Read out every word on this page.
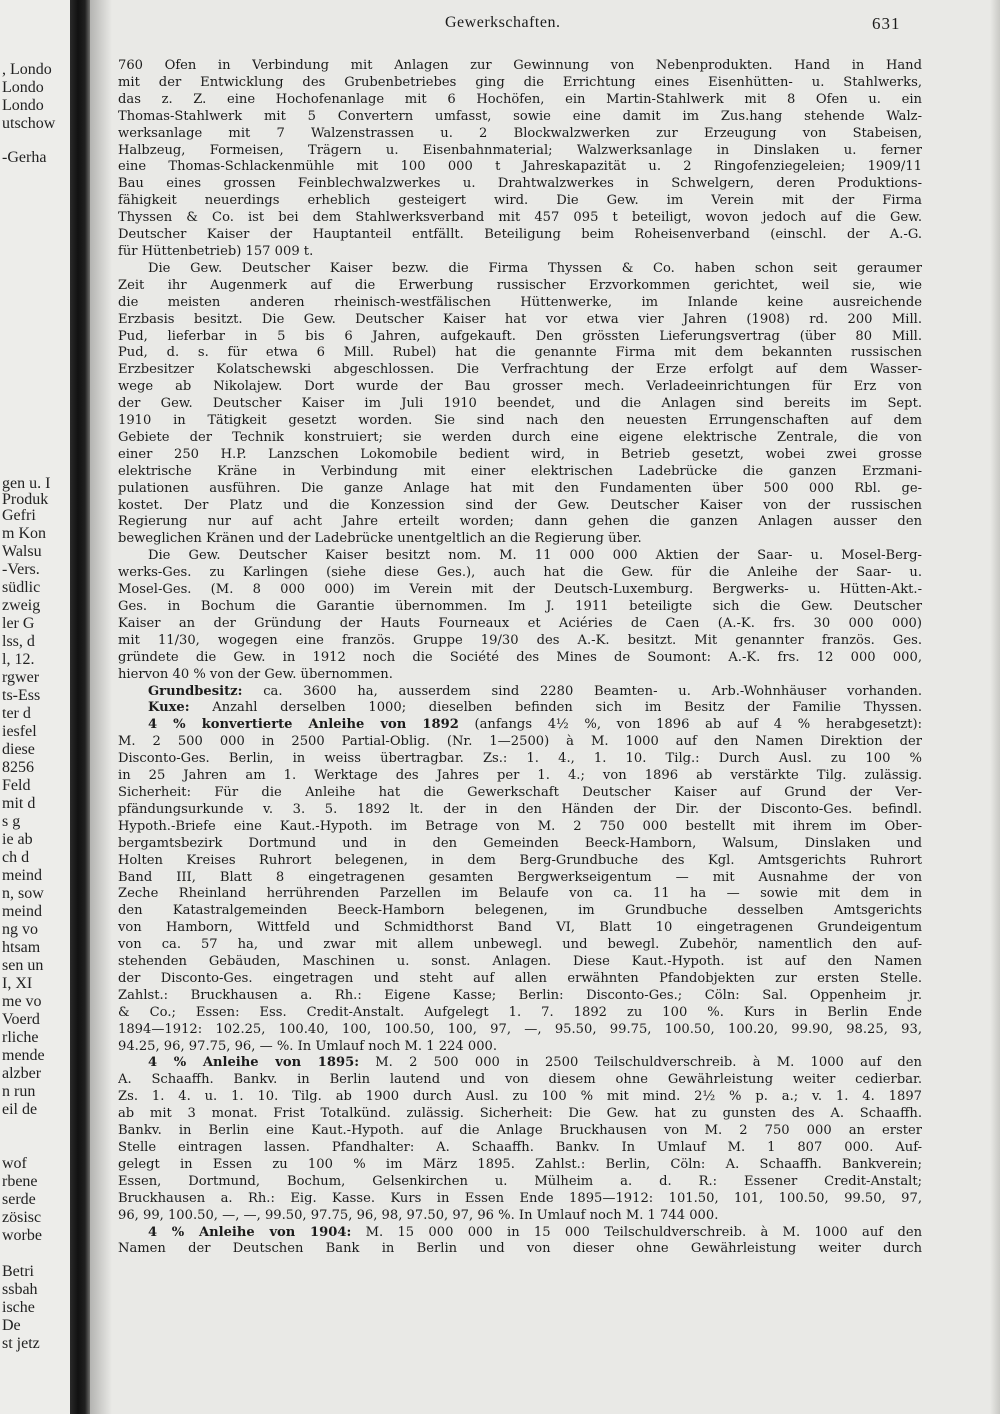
, Londo
Londo
Londo
utschow
-Gerha
gen u. I
Produk
Gefri
m Kon
Walsu
-Vers.
südlic
zweig
ler G
lss, d
l, 12.
rgwer
ts-Ess
ter d
iesfel
diese
8256
Feld
mit d
s g
ie ab
ch d
meind
n, sow
meind
ng vo
htsam
sen un
I, XI
me vo
Voerd
rliche
mende
alzber
n run
eil de
wof
rbene
serde
zösisc
worbe
Betri
ssbah
ische
De
st jetz
Gewerkschaften.	631
760 Öfen in Verbindung mit Anlagen zur Gewinnung von Nebenprodukten. Hand in Hand
mit der Entwicklung des Grubenbetriebes ging die Errichtung eines Eisenhütten- u. Stahlwerks,
das z. Z. eine Hochofenanlage mit 6 Hochöfen, ein Martin-Stahlwerk mit 8 Öfen u. ein
Thomas-Stahlwerk mit 5 Convertern umfasst, sowie eine damit im Zus.hang stehende Walz-
werksanlage mit 7 Walzenstrassen u. 2 Blockwalzwerken zur Erzeugung von Stabeisen,
Halbzeug, Formeisen, Trägern u. Eisenbahnmaterial; Walzwerksanlage in Dinslaken u. ferner
eine Thomas-Schlackenmühle mit 100 000 t Jahreskapazität u. 2 Ringofenziegeleien; 1909/11
Bau eines grossen Feinblechwalzwerkes u. Drahtwalzwerkes in Schwelgern, deren Produktions-
fähigkeit neuerdings erheblich gesteigert wird. Die Gew. im Verein mit der Firma
Thyssen & Co. ist bei dem Stahlwerksverband mit 457 095 t beteiligt, wovon jedoch auf die Gew.
Deutscher Kaiser der Hauptanteil entfällt. Beteiligung beim Roheisenverband (einschl. der A.-G.
für Hüttenbetrieb) 157 009 t.
Die Gew. Deutscher Kaiser bezw. die Firma Thyssen & Co. haben schon seit geraumer
Zeit ihr Augenmerk auf die Erwerbung russischer Erzvorkommen gerichtet, weil sie, wie
die meisten anderen rheinisch-westfälischen Hüttenwerke, im Inlande keine ausreichende
Erzbasis besitzt. Die Gew. Deutscher Kaiser hat vor etwa vier Jahren (1908) rd. 200 Mill.
Pud, lieferbar in 5 bis 6 Jahren, aufgekauft. Den grössten Lieferungsvertrag (über 80 Mill.
Pud, d. s. für etwa 6 Mill. Rubel) hat die genannte Firma mit dem bekannten russischen
Erzbesitzer Kolatschewski abgeschlossen. Die Verfrachtung der Erze erfolgt auf dem Wasser-
wege ab Nikolajew. Dort wurde der Bau grosser mech. Verladeeinrichtungen für Erz von
der Gew. Deutscher Kaiser im Juli 1910 beendet, und die Anlagen sind bereits im Sept.
1910 in Tätigkeit gesetzt worden. Sie sind nach den neuesten Errungenschaften auf dem
Gebiete der Technik konstruiert; sie werden durch eine eigene elektrische Zentrale, die von
einer 250 H.P. Lanzschen Lokomobile bedient wird, in Betrieb gesetzt, wobei zwei grosse
elektrische Kräne in Verbindung mit einer elektrischen Ladebrücke die ganzen Erzmani-
pulationen ausführen. Die ganze Anlage hat mit den Fundamenten über 500 000 Rbl. ge-
kostet. Der Platz und die Konzession sind der Gew. Deutscher Kaiser von der russischen
Regierung nur auf acht Jahre erteilt worden; dann gehen die ganzen Anlagen ausser den
beweglichen Kränen und der Ladebrücke unentgeltlich an die Regierung über.
Die Gew. Deutscher Kaiser besitzt nom. M. 11 000 000 Aktien der Saar- u. Mosel-Berg-
werks-Ges. zu Karlingen (siehe diese Ges.), auch hat die Gew. für die Anleihe der Saar- u.
Mosel-Ges. (M. 8 000 000) im Verein mit der Deutsch-Luxemburg. Bergwerks- u. Hütten-Akt.-
Ges. in Bochum die Garantie übernommen. Im J. 1911 beteiligte sich die Gew. Deutscher
Kaiser an der Gründung der Hauts Fourneaux et Aciéries de Caen (A.-K. frs. 30 000 000)
mit 11/30, wogegen eine französ. Gruppe 19/30 des A.-K. besitzt. Mit genannter französ. Ges.
gründete die Gew. in 1912 noch die Société des Mines de Soumont: A.-K. frs. 12 000 000,
hiervon 40 % von der Gew. übernommen.
Grundbesitz: ca. 3600 ha, ausserdem sind 2280 Beamten- u. Arb.-Wohnhäuser vorhanden.
Kuxe: Anzahl derselben 1000; dieselben befinden sich im Besitz der Familie Thyssen.
4 % konvertierte Anleihe von 1892 (anfangs 4½ %, von 1896 ab auf 4 % herabgesetzt):
M. 2 500 000 in 2500 Partial-Oblig. (Nr. 1—2500) à M. 1000 auf den Namen Direktion der
Disconto-Ges. Berlin, in weiss übertragbar. Zs.: 1. 4., 1. 10. Tilg.: Durch Ausl. zu 100 %
in 25 Jahren am 1. Werktage des Jahres per 1. 4.; von 1896 ab verstärkte Tilg. zulässig.
Sicherheit: Für die Anleihe hat die Gewerkschaft Deutscher Kaiser auf Grund der Ver-
pfändungsurkunde v. 3. 5. 1892 lt. der in den Händen der Dir. der Disconto-Ges. befindl.
Hypoth.-Briefe eine Kaut.-Hypoth. im Betrage von M. 2 750 000 bestellt mit ihrem im Ober-
bergamtsbezirk Dortmund und in den Gemeinden Beeck-Hamborn, Walsum, Dinslaken und
Holten Kreises Ruhrort belegenen, in dem Berg-Grundbuche des Kgl. Amtsgerichts Ruhrort
Band III, Blatt 8 eingetragenen gesamten Bergwerkseigentum — mit Ausnahme der von
Zeche Rheinland herrührenden Parzellen im Belaufe von ca. 11 ha — sowie mit dem in
den Katastralgemeinden Beeck-Hamborn belegenen, im Grundbuche desselben Amtsgerichts
von Hamborn, Wittfeld und Schmidthorst Band VI, Blatt 10 eingetragenen Grundeigentum
von ca. 57 ha, und zwar mit allem unbewegl. und bewegl. Zubehör, namentlich den auf-
stehenden Gebäuden, Maschinen u. sonst. Anlagen. Diese Kaut.-Hypoth. ist auf den Namen
der Disconto-Ges. eingetragen und steht auf allen erwähnten Pfandobjekten zur ersten Stelle.
Zahlst.: Bruckhausen a. Rh.: Eigene Kasse; Berlin: Disconto-Ges.; Cöln: Sal. Oppenheim jr.
& Co.; Essen: Ess. Credit-Anstalt. Aufgelegt 1. 7. 1892 zu 100 %. Kurs in Berlin Ende
1894—1912: 102.25, 100.40, 100, 100.50, 100, 97, —, 95.50, 99.75, 100.50, 100.20, 99.90, 98.25, 93,
94.25, 96, 97.75, 96, — %. In Umlauf noch M. 1 224 000.
4 % Anleihe von 1895: M. 2 500 000 in 2500 Teilschuldverschreib. à M. 1000 auf den
A. Schaaffh. Bankv. in Berlin lautend und von diesem ohne Gewährleistung weiter cedierbar.
Zs. 1. 4. u. 1. 10. Tilg. ab 1900 durch Ausl. zu 100 % mit mind. 2½ % p. a.; v. 1. 4. 1897
ab mit 3 monat. Frist Totalkünd. zulässig. Sicherheit: Die Gew. hat zu gunsten des A. Schaaffh.
Bankv. in Berlin eine Kaut.-Hypoth. auf die Anlage Bruckhausen von M. 2 750 000 an erster
Stelle eintragen lassen. Pfandhalter: A. Schaaffh. Bankv. In Umlauf M. 1 807 000. Auf-
gelegt in Essen zu 100 % im März 1895. Zahlst.: Berlin, Cöln: A. Schaaffh. Bankverein;
Essen, Dortmund, Bochum, Gelsenkirchen u. Mülheim a. d. R.: Essener Credit-Anstalt;
Bruckhausen a. Rh.: Eig. Kasse. Kurs in Essen Ende 1895—1912: 101.50, 101, 100.50, 99.50, 97,
96, 99, 100.50, —, —, 99.50, 97.75, 96, 98, 97.50, 97, 96 %. In Umlauf noch M. 1 744 000.
4 % Anleihe von 1904: M. 15 000 000 in 15 000 Teilschuldverschreib. à M. 1000 auf den
Namen der Deutschen Bank in Berlin und von dieser ohne Gewährleistung weiter durch
